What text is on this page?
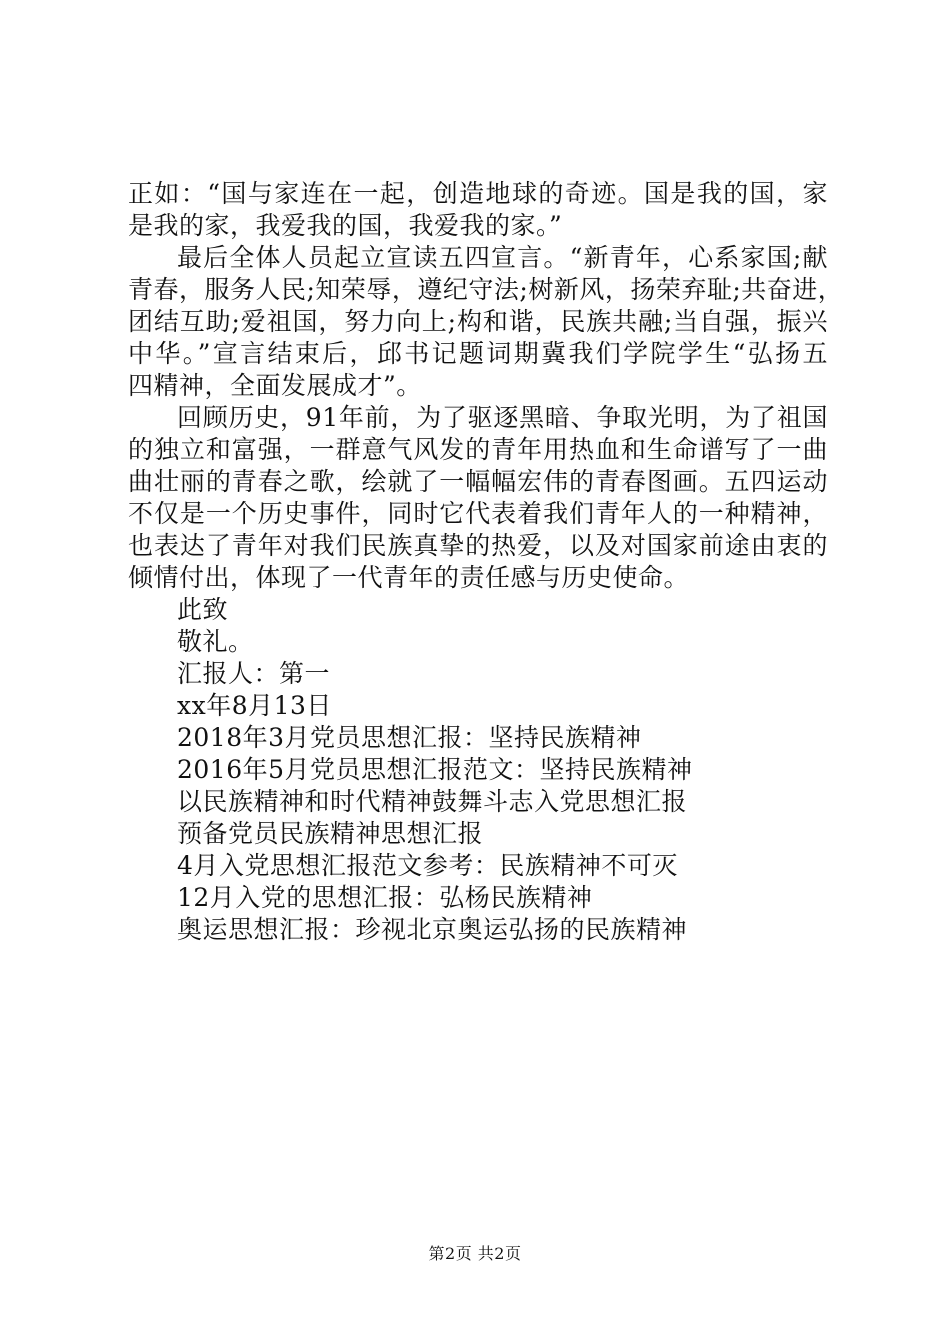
正如：“国与家连在一起，创造地球的奇迹。国是我的国，家
是我的家，我爱我的国，我爱我的家。”
最后全体人员起立宣读五四宣言。“新青年，心系家国;献
青春，服务人民;知荣辱，遵纪守法;树新风，扬荣弃耻;共奋进，
团结互助;爱祖国，努力向上;构和谐，民族共融;当自强，振兴
中华。”宣言结束后，邱书记题词期冀我们学院学生“弘扬五
四精神，全面发展成才”。
回顾历史，91年前，为了驱逐黑暗、争取光明，为了祖国
的独立和富强，一群意气风发的青年用热血和生命谱写了一曲
曲壮丽的青春之歌，绘就了一幅幅宏伟的青春图画。五四运动
不仅是一个历史事件，同时它代表着我们青年人的一种精神，
也表达了青年对我们民族真挚的热爱，以及对国家前途由衷的
倾情付出，体现了一代青年的责任感与历史使命。
此致
敬礼。
汇报人：第一
xx年8月13日
2018年3月党员思想汇报：坚持民族精神
2016年5月党员思想汇报范文：坚持民族精神
以民族精神和时代精神鼓舞斗志入党思想汇报
预备党员民族精神思想汇报
4月入党思想汇报范文参考：民族精神不可灭
12月入党的思想汇报：弘杨民族精神
奥运思想汇报：珍视北京奥运弘扬的民族精神
第2页 共2页
